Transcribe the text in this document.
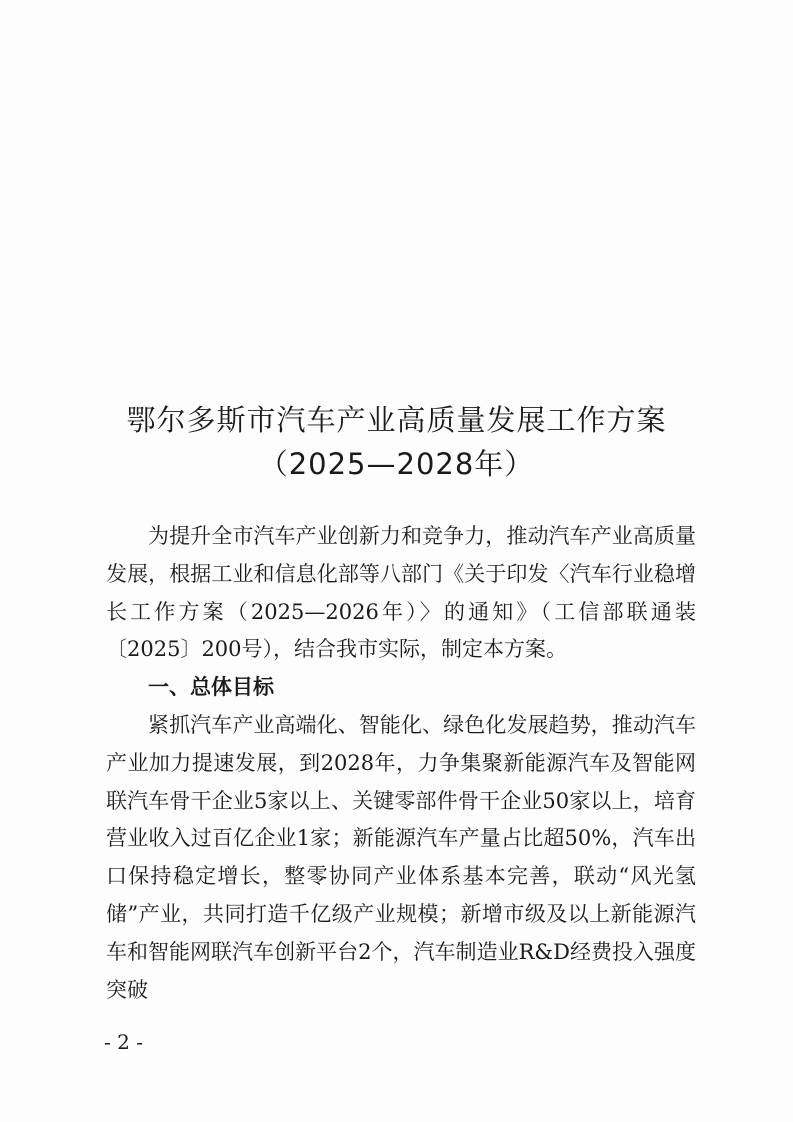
鄂尔多斯市汽车产业高质量发展工作方案

（2025—2028年）

为提升全市汽车产业创新力和竞争力，推动汽车产业高质量发展，根据工业和信息化部等八部门《关于印发〈汽车行业稳增长工作方案（2025—2026年）〉的通知》（工信部联通装〔2025〕200号），结合我市实际，制定本方案。

一、总体目标

紧抓汽车产业高端化、智能化、绿色化发展趋势，推动汽车产业加力提速发展，到2028年，力争集聚新能源汽车及智能网联汽车骨干企业5家以上、关键零部件骨干企业50家以上，培育营业收入过百亿企业1家；新能源汽车产量占比超50%，汽车出口保持稳定增长，整零协同产业体系基本完善，联动“风光氢储”产业，共同打造千亿级产业规模；新增市级及以上新能源汽车和智能网联汽车创新平台2个，汽车制造业R&D经费投入强度突破

- 2 -
